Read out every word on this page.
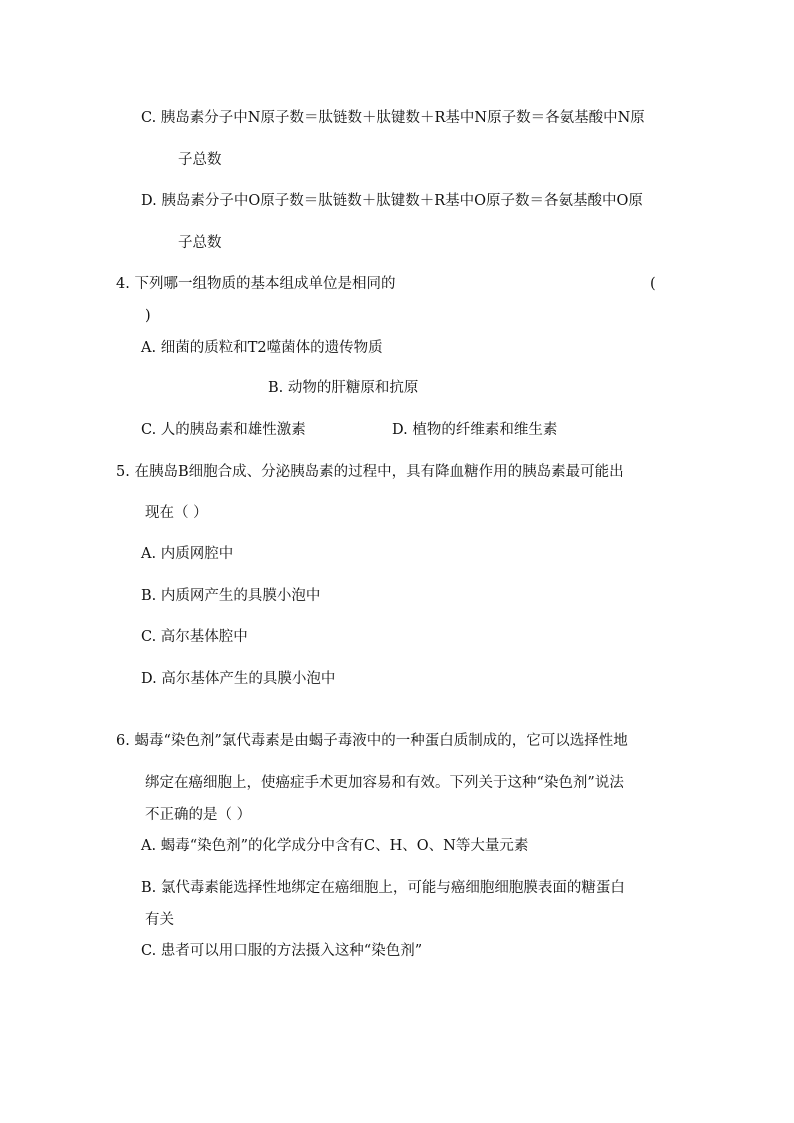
C. 胰岛素分子中N原子数＝肽链数＋肽键数＋R基中N原子数＝各氨基酸中N原
子总数
D. 胰岛素分子中O原子数＝肽链数＋肽键数＋R基中O原子数＝各氨基酸中O原
子总数
4. 下列哪一组物质的基本组成单位是相同的	(
)
A. 细菌的质粒和T2噬菌体的遗传物质
B. 动物的肝糖原和抗原
C. 人的胰岛素和雄性激素	D. 植物的纤维素和维生素
5. 在胰岛B细胞合成、分泌胰岛素的过程中，具有降血糖作用的胰岛素最可能出
现在（ ）
A. 内质网腔中
B. 内质网产生的具膜小泡中
C. 高尔基体腔中
D. 高尔基体产生的具膜小泡中
6. 蝎毒“染色剂”氯代毒素是由蝎子毒液中的一种蛋白质制成的，它可以选择性地
绑定在癌细胞上，使癌症手术更加容易和有效。下列关于这种“染色剂”说法
不正确的是（ ）
A. 蝎毒“染色剂”的化学成分中含有C、H、O、N等大量元素
B. 氯代毒素能选择性地绑定在癌细胞上，可能与癌细胞细胞膜表面的糖蛋白
有关
C. 患者可以用口服的方法摄入这种“染色剂”
